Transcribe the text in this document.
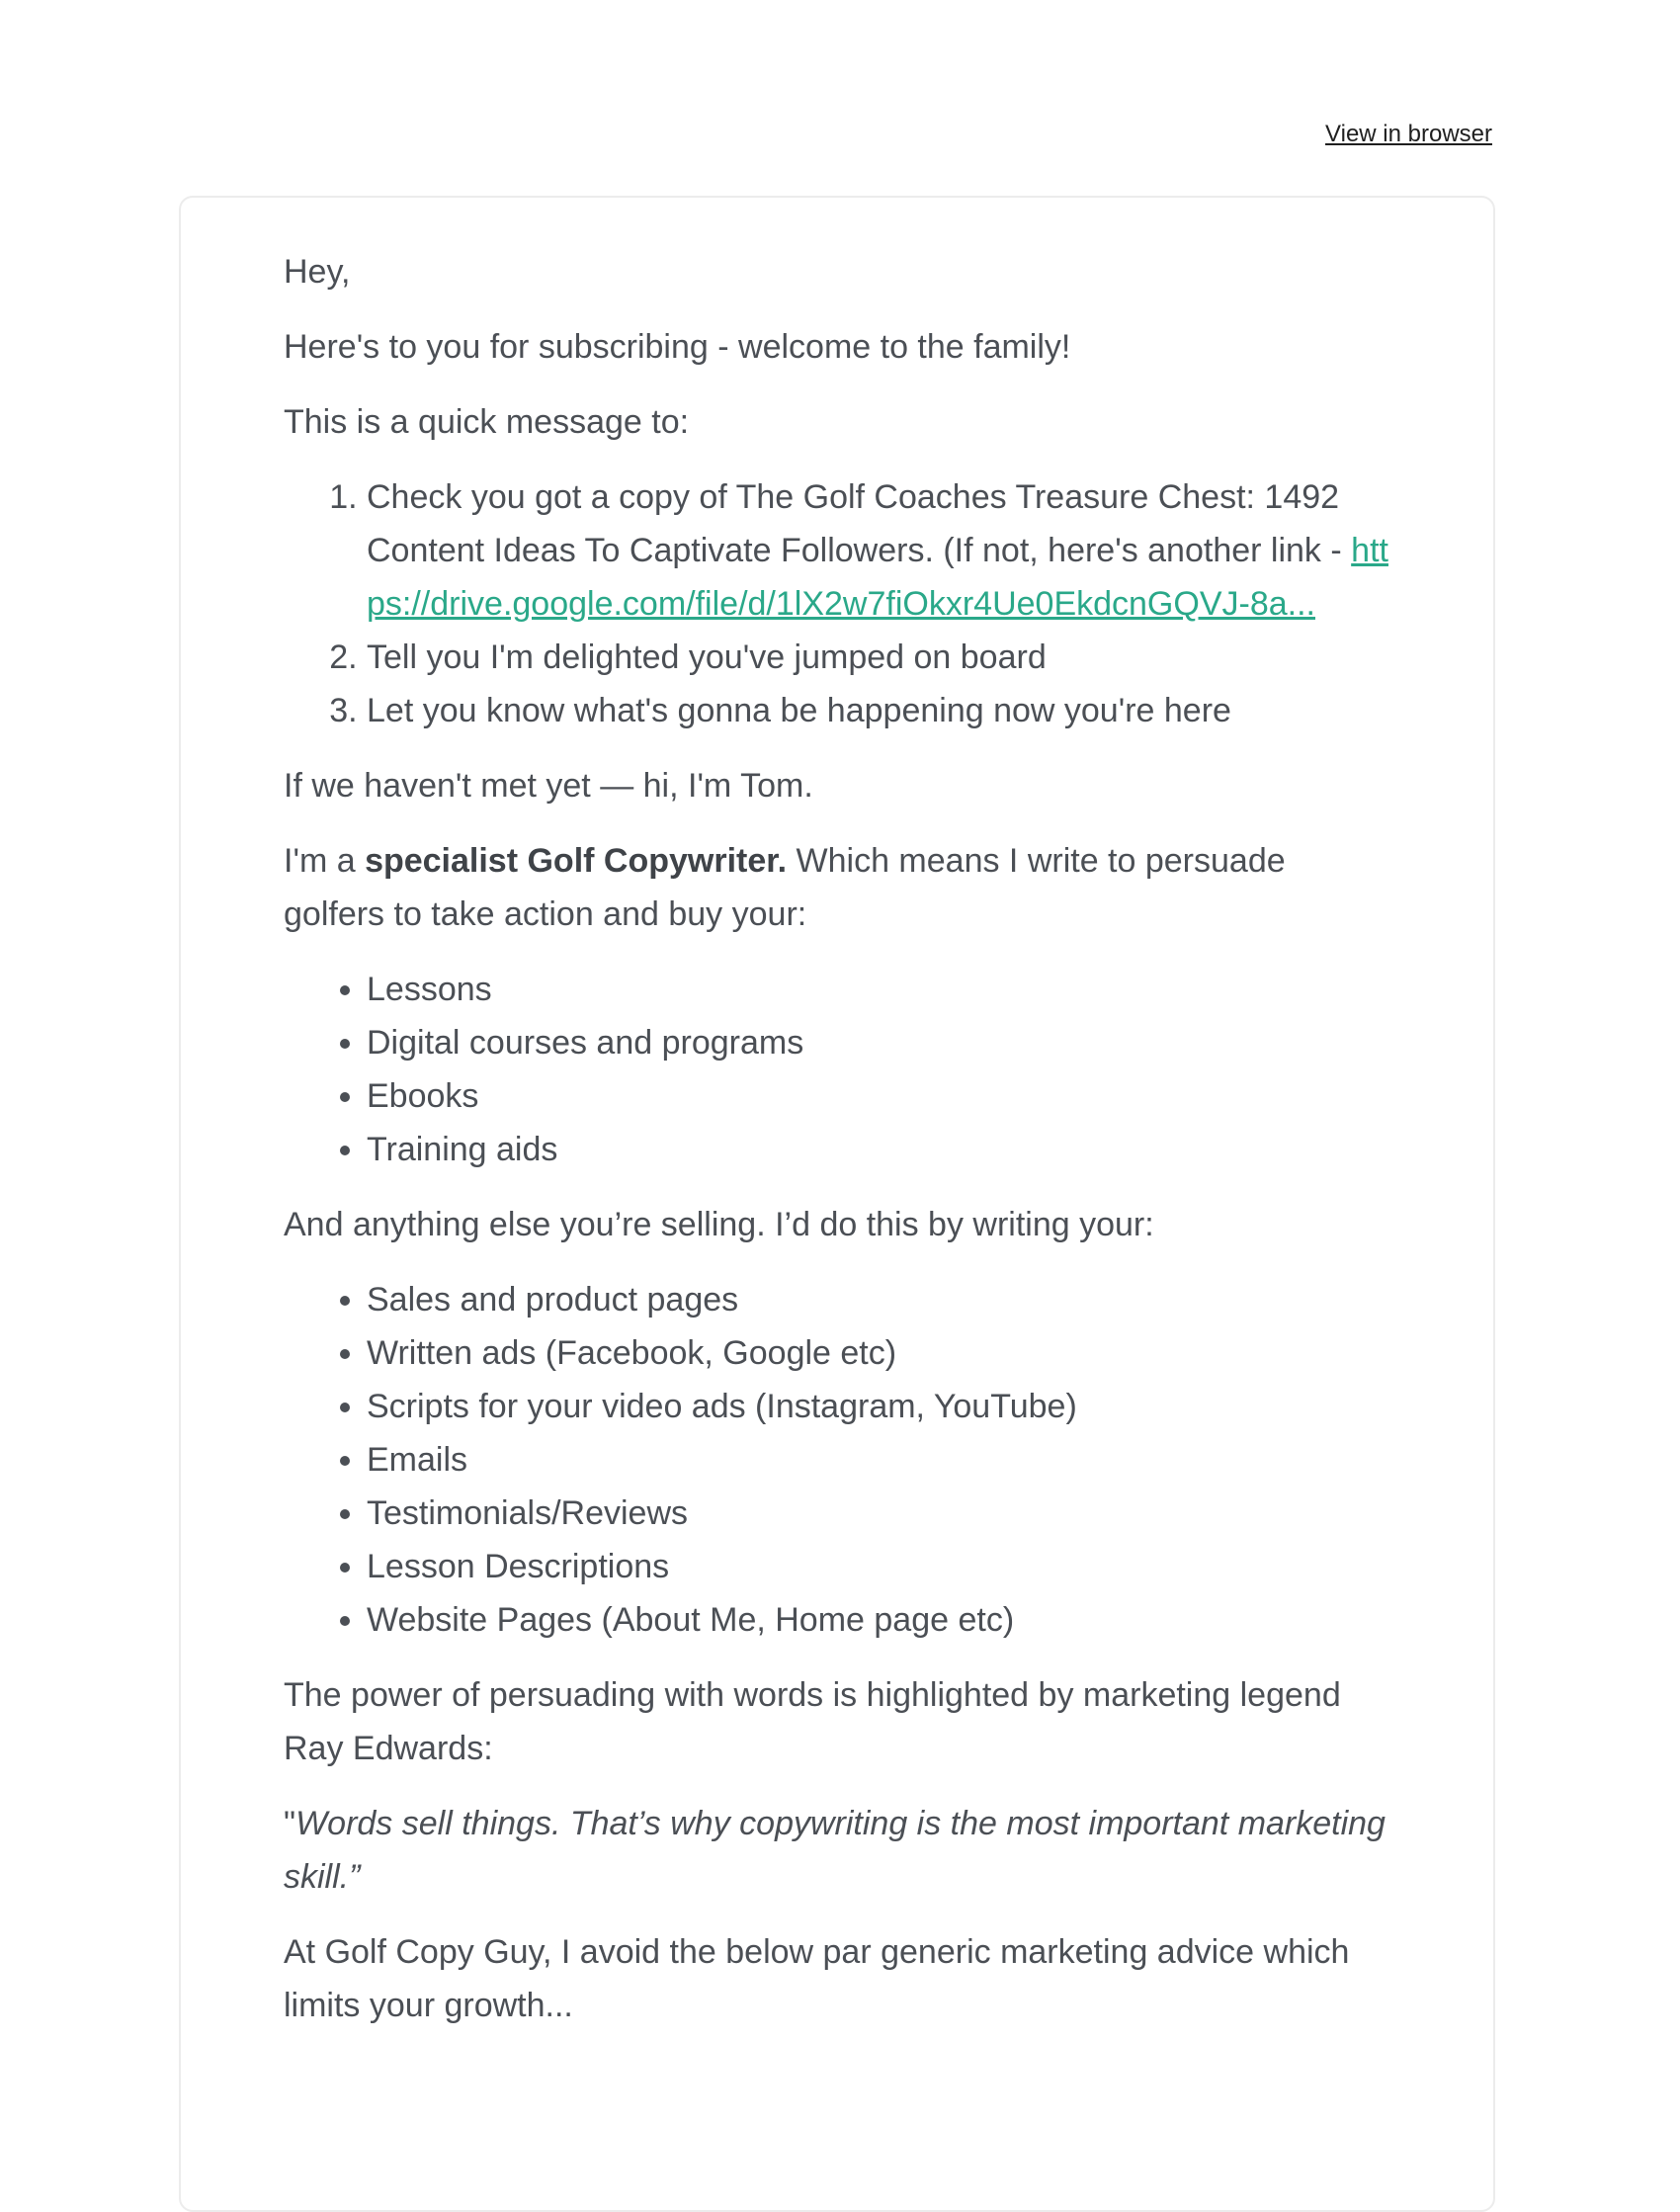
View in browser

Hey,

Here's to you for subscribing - welcome to the family!

This is a quick message to:

1. Check you got a copy of The Golf Coaches Treasure Chest: 1492 Content Ideas To Captivate Followers. (If not, here's another link - https://drive.google.com/file/d/1lX2w7fiOkxr4Ue0EkdcnGQVJ-8a...
2. Tell you I'm delighted you've jumped on board
3. Let you know what's gonna be happening now you're here

If we haven't met yet — hi, I'm Tom.

I'm a specialist Golf Copywriter. Which means I write to persuade golfers to take action and buy your:

• Lessons
• Digital courses and programs
• Ebooks
• Training aids

And anything else you’re selling. I’d do this by writing your:

• Sales and product pages
• Written ads (Facebook, Google etc)
• Scripts for your video ads (Instagram, YouTube)
• Emails
• Testimonials/Reviews
• Lesson Descriptions
• Website Pages (About Me, Home page etc)

The power of persuading with words is highlighted by marketing legend Ray Edwards:

"Words sell things. That’s why copywriting is the most important marketing skill.”

At Golf Copy Guy, I avoid the below par generic marketing advice which limits your growth...
